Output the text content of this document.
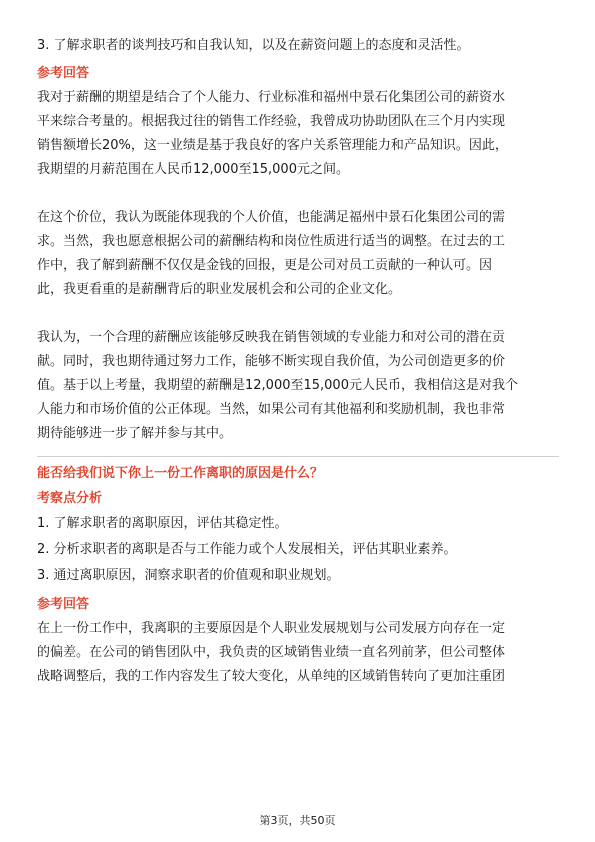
3. 了解求职者的谈判技巧和自我认知，以及在薪资问题上的态度和灵活性。

参考回答

我对于薪酬的期望是结合了个人能力、行业标准和福州中景石化集团公司的薪资水

平来综合考量的。根据我过往的销售工作经验，我曾成功协助团队在三个月内实现

销售额增长20%，这一业绩是基于我良好的客户关系管理能力和产品知识。因此，

我期望的月薪范围在人民币12,000至15,000元之间。

在这个价位，我认为既能体现我的个人价值，也能满足福州中景石化集团公司的需

求。当然，我也愿意根据公司的薪酬结构和岗位性质进行适当的调整。在过去的工

作中，我了解到薪酬不仅仅是金钱的回报，更是公司对员工贡献的一种认可。因

此，我更看重的是薪酬背后的职业发展机会和公司的企业文化。

我认为，一个合理的薪酬应该能够反映我在销售领域的专业能力和对公司的潜在贡

献。同时，我也期待通过努力工作，能够不断实现自我价值，为公司创造更多的价

值。基于以上考量，我期望的薪酬是12,000至15,000元人民币，我相信这是对我个

人能力和市场价值的公正体现。当然，如果公司有其他福利和奖励机制，我也非常

期待能够进一步了解并参与其中。

能否给我们说下你上一份工作离职的原因是什么？

考察点分析

1. 了解求职者的离职原因，评估其稳定性。

2. 分析求职者的离职是否与工作能力或个人发展相关，评估其职业素养。

3. 通过离职原因，洞察求职者的价值观和职业规划。

参考回答

在上一份工作中，我离职的主要原因是个人职业发展规划与公司发展方向存在一定

的偏差。在公司的销售团队中，我负责的区域销售业绩一直名列前茅，但公司整体

战略调整后，我的工作内容发生了较大变化，从单纯的区域销售转向了更加注重团

第3页，共50页
